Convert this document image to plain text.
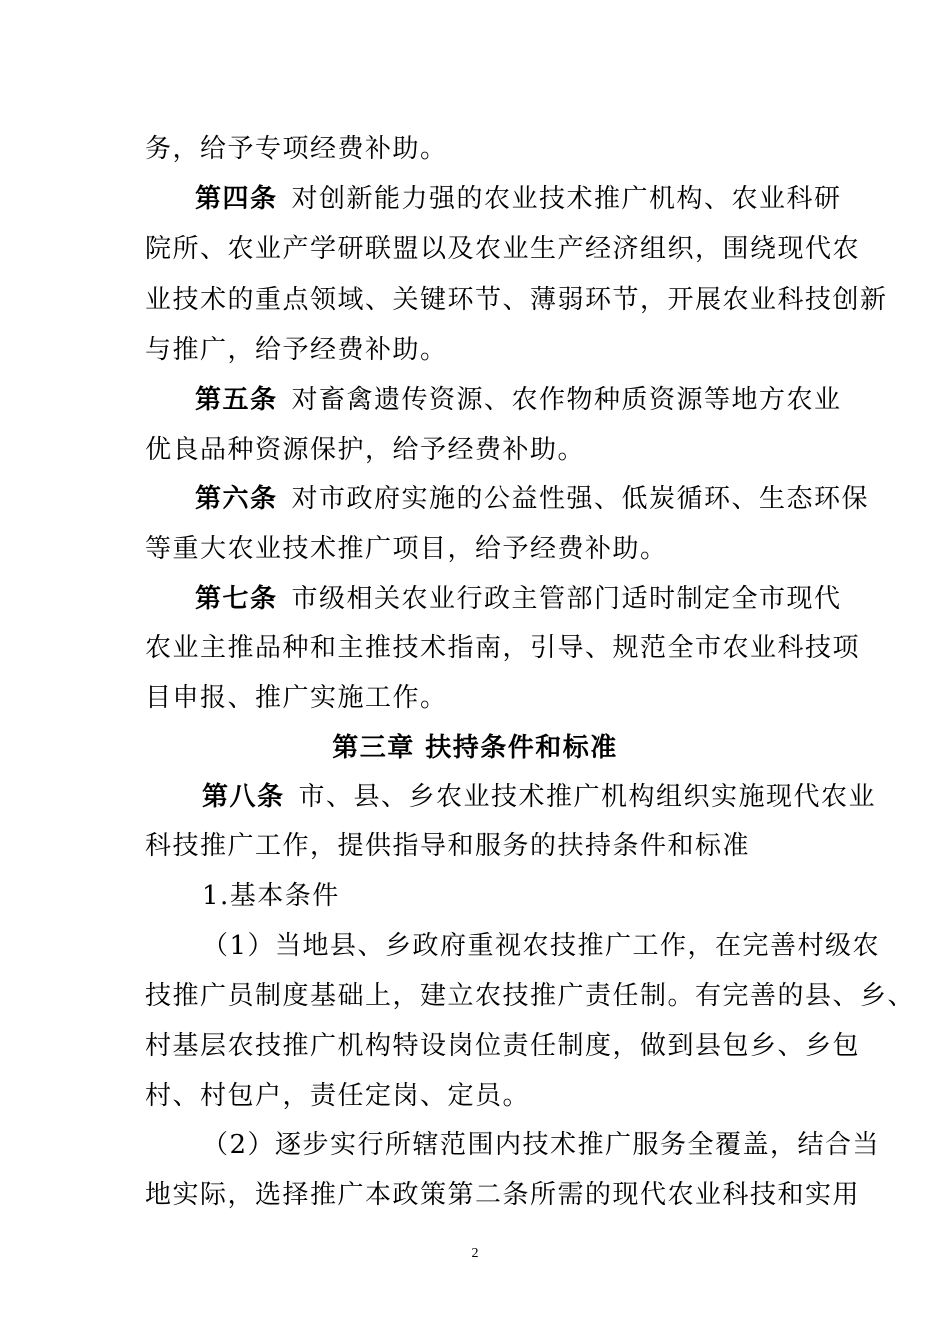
务，给予专项经费补助。
第四条 对创新能力强的农业技术推广机构、农业科研
院所、农业产学研联盟以及农业生产经济组织，围绕现代农
业技术的重点领域、关键环节、薄弱环节，开展农业科技创新
与推广，给予经费补助。
第五条 对畜禽遗传资源、农作物种质资源等地方农业
优良品种资源保护，给予经费补助。
第六条 对市政府实施的公益性强、低炭循环、生态环保
等重大农业技术推广项目，给予经费补助。
第七条 市级相关农业行政主管部门适时制定全市现代
农业主推品种和主推技术指南，引导、规范全市农业科技项
目申报、推广实施工作。
第三章 扶持条件和标准
第八条 市、县、乡农业技术推广机构组织实施现代农业
科技推广工作，提供指导和服务的扶持条件和标准
1.基本条件
（1）当地县、乡政府重视农技推广工作，在完善村级农
技推广员制度基础上，建立农技推广责任制。有完善的县、乡、
村基层农技推广机构特设岗位责任制度，做到县包乡、乡包
村、村包户，责任定岗、定员。
（2）逐步实行所辖范围内技术推广服务全覆盖，结合当
地实际，选择推广本政策第二条所需的现代农业科技和实用
2
